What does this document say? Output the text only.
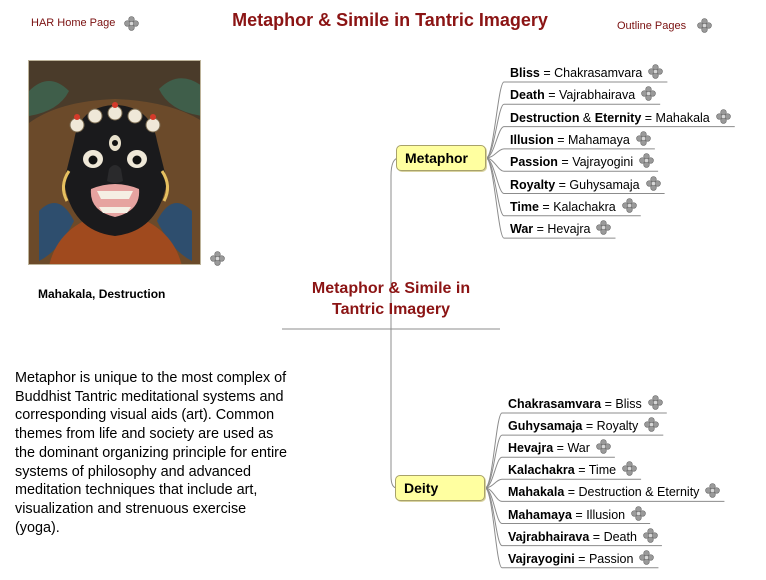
HAR Home Page	Metaphor & Simile in Tantric Imagery	Outline Pages
Mahakala, Destruction	Metaphor & Simile in
Tantric Imagery
Metaphor is unique to the most complex of Buddhist Tantric meditational systems and corresponding visual aids (art). Common themes from life and society are used as the dominant organizing principle for entire systems of philosophy and advanced meditation techniques that include art, visualization and strenuous exercise (yoga).
Metaphor
Deity
Bliss = Chakrasamvara
Death = Vajrabhairava
Destruction & Eternity = Mahakala
Illusion = Mahamaya
Passion = Vajrayogini
Royalty = Guhysamaja
Time = Kalachakra
War = Hevajra
Chakrasamvara = Bliss
Guhysamaja = Royalty
Hevajra = War
Kalachakra = Time
Mahakala = Destruction & Eternity
Mahamaya = Illusion
Vajrabhairava = Death
Vajrayogini = Passion
